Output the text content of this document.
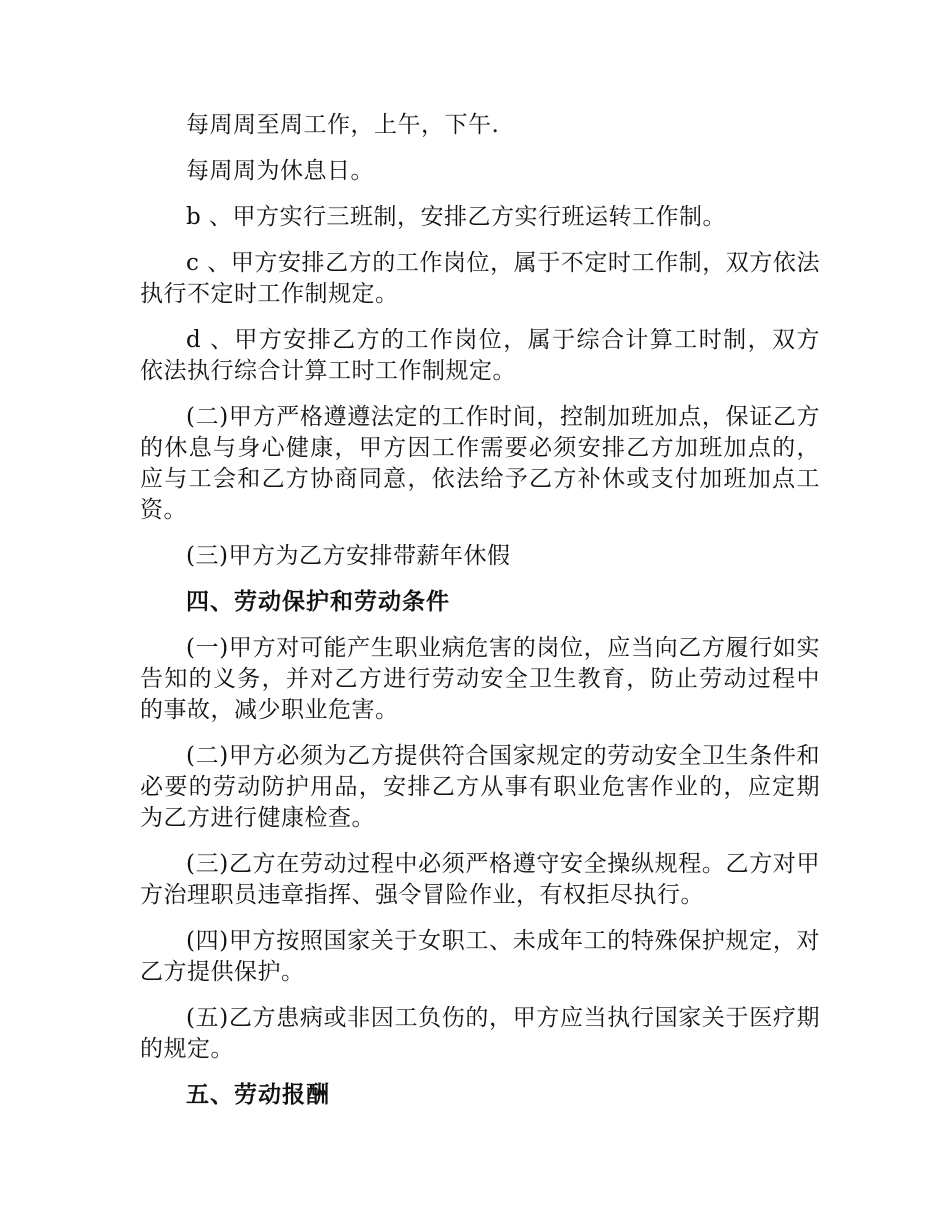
每周周至周工作，上午，下午.

每周周为休息日。

b 、甲方实行三班制，安排乙方实行班运转工作制。

c 、甲方安排乙方的工作岗位，属于不定时工作制，双方依法执行不定时工作制规定。

d 、甲方安排乙方的工作岗位，属于综合计算工时制，双方依法执行综合计算工时工作制规定。

(二)甲方严格遵遵法定的工作时间，控制加班加点，保证乙方的休息与身心健康，甲方因工作需要必须安排乙方加班加点的，应与工会和乙方协商同意，依法给予乙方补休或支付加班加点工资。

(三)甲方为乙方安排带薪年休假

四、劳动保护和劳动条件

(一)甲方对可能产生职业病危害的岗位，应当向乙方履行如实告知的义务，并对乙方进行劳动安全卫生教育，防止劳动过程中的事故，减少职业危害。

(二)甲方必须为乙方提供符合国家规定的劳动安全卫生条件和必要的劳动防护用品，安排乙方从事有职业危害作业的，应定期为乙方进行健康检查。

(三)乙方在劳动过程中必须严格遵守安全操纵规程。乙方对甲方治理职员违章指挥、强令冒险作业，有权拒尽执行。

(四)甲方按照国家关于女职工、未成年工的特殊保护规定，对乙方提供保护。

(五)乙方患病或非因工负伤的，甲方应当执行国家关于医疗期的规定。

五、劳动报酬
